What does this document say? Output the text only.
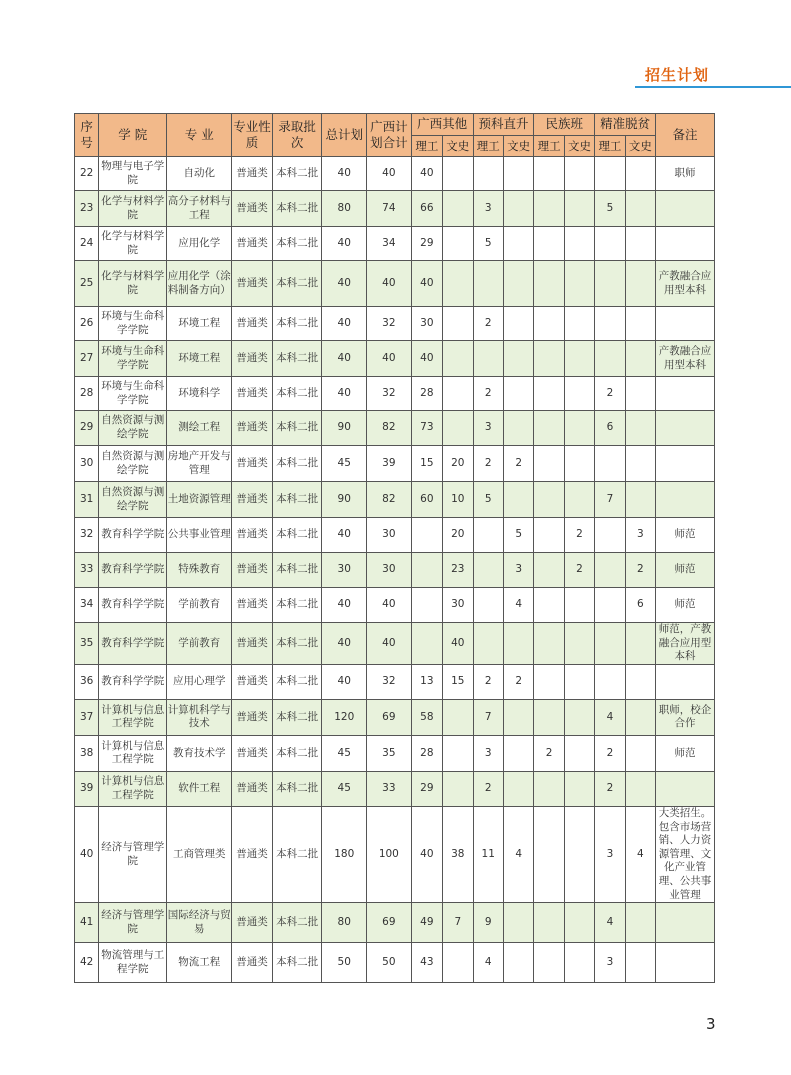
招生计划
序号	学 院	专 业	专业性质	录取批次	总计划	广西计划合计	广西其他		预科直升		民族班		精准脱贫		备注
							理工	文史	理工	文史	理工	文史	理工	文史	
22	物理与电子学院	自动化	普通类	本科二批	40	40	40								职师
23	化学与材料学院	高分子材料与工程	普通类	本科二批	80	74	66		3				5		
24	化学与材料学院	应用化学	普通类	本科二批	40	34	29		5						
25	化学与材料学院	应用化学（涂料制备方向）	普通类	本科二批	40	40	40								产教融合应用型本科
26	环境与生命科学学院	环境工程	普通类	本科二批	40	32	30		2						
27	环境与生命科学学院	环境工程	普通类	本科二批	40	40	40								产教融合应用型本科
28	环境与生命科学学院	环境科学	普通类	本科二批	40	32	28		2				2		
29	自然资源与测绘学院	测绘工程	普通类	本科二批	90	82	73		3				6		
30	自然资源与测绘学院	房地产开发与管理	普通类	本科二批	45	39	15	20	2	2					
31	自然资源与测绘学院	土地资源管理	普通类	本科二批	90	82	60	10	5				7		
32	教育科学学院	公共事业管理	普通类	本科二批	40	30		20		5		2		3	师范
33	教育科学学院	特殊教育	普通类	本科二批	30	30		23		3		2		2	师范
34	教育科学学院	学前教育	普通类	本科二批	40	40		30		4				6	师范
35	教育科学学院	学前教育	普通类	本科二批	40	40		40							师范，产教融合应用型本科
36	教育科学学院	应用心理学	普通类	本科二批	40	32	13	15	2	2					
37	计算机与信息工程学院	计算机科学与技术	普通类	本科二批	120	69	58		7				4		职师，校企合作
38	计算机与信息工程学院	教育技术学	普通类	本科二批	45	35	28		3		2		2		师范
39	计算机与信息工程学院	软件工程	普通类	本科二批	45	33	29		2				2		
40	经济与管理学院	工商管理类	普通类	本科二批	180	100	40	38	11	4			3	4	大类招生。包含市场营销、人力资源管理、文化产业管理、公共事业管理
41	经济与管理学院	国际经济与贸易	普通类	本科二批	80	69	49	7	9				4		
42	物流管理与工程学院	物流工程	普通类	本科二批	50	50	43		4				3		
3
